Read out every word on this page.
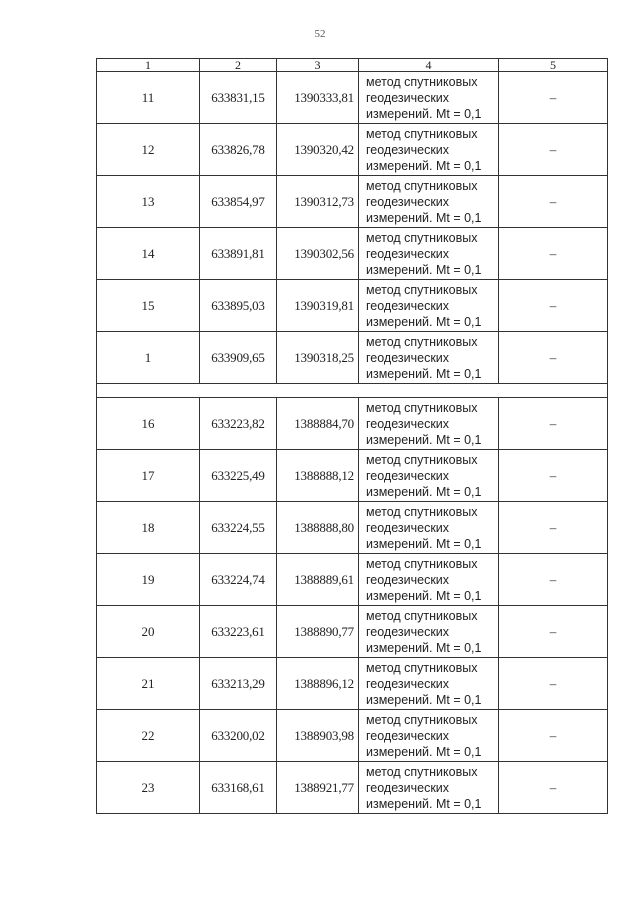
52
1	2	3	4	5
11	633831,15	1390333,81	метод спутниковых
геодезических
измерений. Mt = 0,1	–
12	633826,78	1390320,42	метод спутниковых
геодезических
измерений. Mt = 0,1	–
13	633854,97	1390312,73	метод спутниковых
геодезических
измерений. Mt = 0,1	–
14	633891,81	1390302,56	метод спутниковых
геодезических
измерений. Mt = 0,1	–
15	633895,03	1390319,81	метод спутниковых
геодезических
измерений. Mt = 0,1	–
1	633909,65	1390318,25	метод спутниковых
геодезических
измерений. Mt = 0,1	–

16	633223,82	1388884,70	метод спутниковых
геодезических
измерений. Mt = 0,1	–
17	633225,49	1388888,12	метод спутниковых
геодезических
измерений. Mt = 0,1	–
18	633224,55	1388888,80	метод спутниковых
геодезических
измерений. Mt = 0,1	–
19	633224,74	1388889,61	метод спутниковых
геодезических
измерений. Mt = 0,1	–
20	633223,61	1388890,77	метод спутниковых
геодезических
измерений. Mt = 0,1	–
21	633213,29	1388896,12	метод спутниковых
геодезических
измерений. Mt = 0,1	–
22	633200,02	1388903,98	метод спутниковых
геодезических
измерений. Mt = 0,1	–
23	633168,61	1388921,77	метод спутниковых
геодезических
измерений. Mt = 0,1	–
